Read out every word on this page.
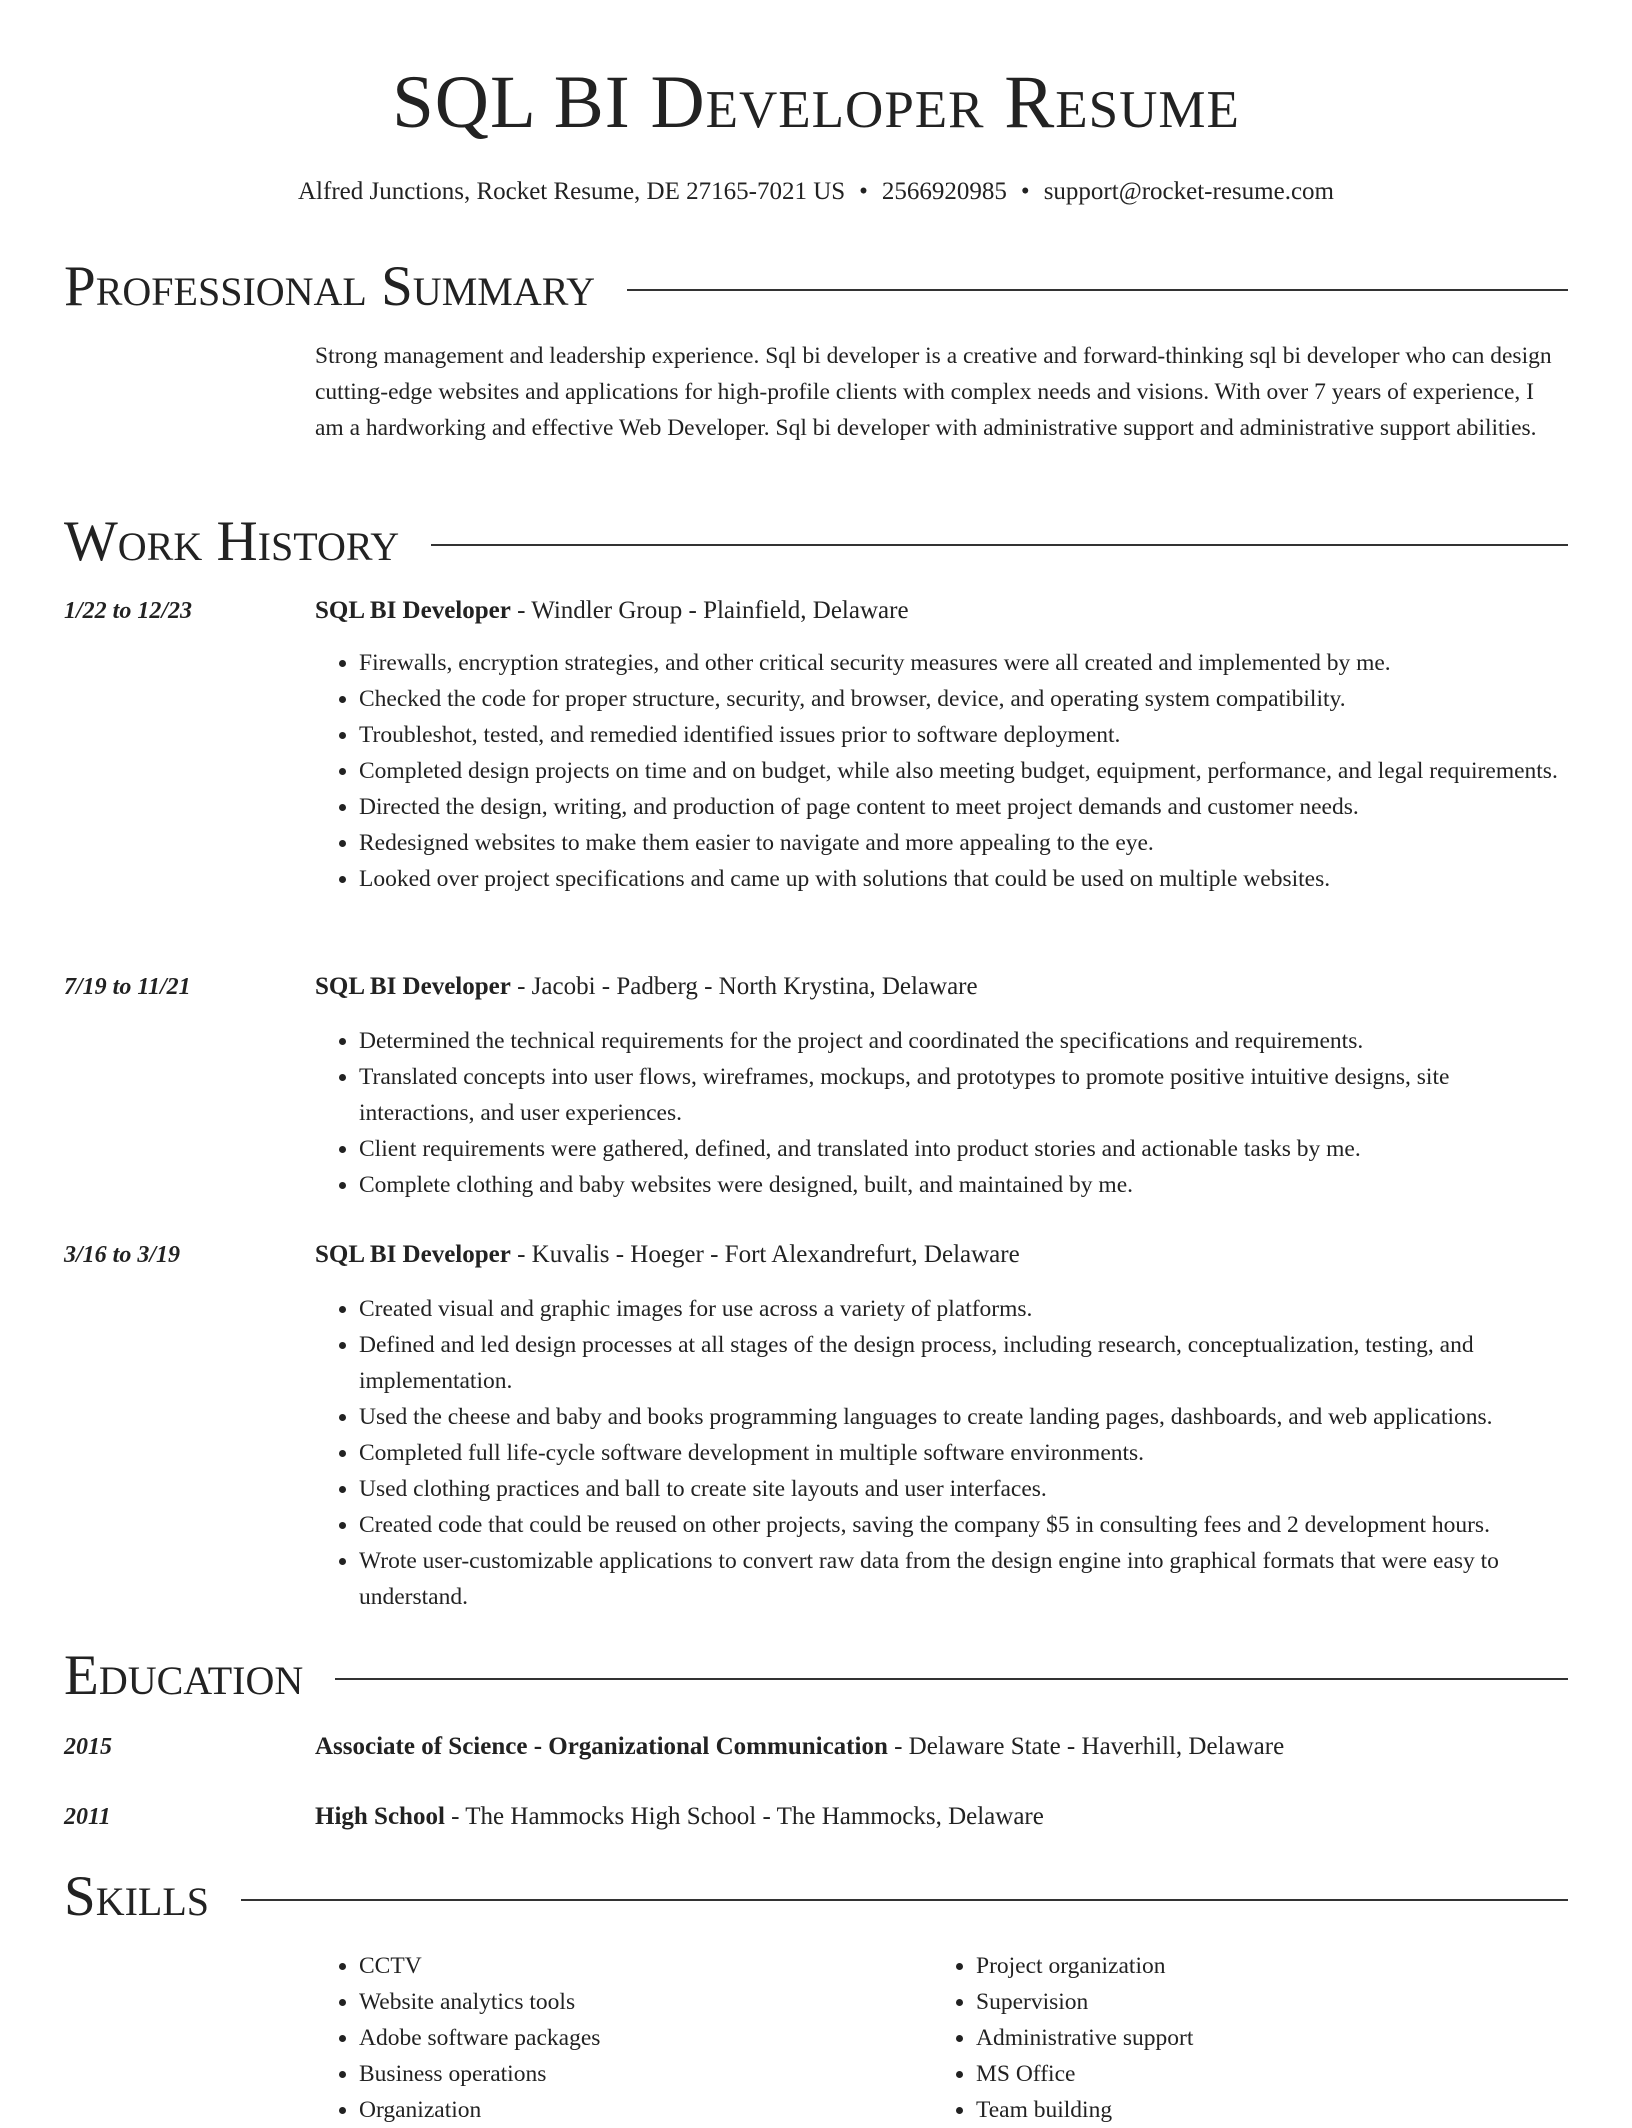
SQL BI Developer Resume
Alfred Junctions, Rocket Resume, DE 27165-7021 US • 2566920985 • support@rocket-resume.com
Professional Summary
Strong management and leadership experience. Sql bi developer is a creative and forward-thinking sql bi developer who can design cutting-edge websites and applications for high-profile clients with complex needs and visions. With over 7 years of experience, I am a hardworking and effective Web Developer. Sql bi developer with administrative support and administrative support abilities.
Work History
1/22 to 12/23	SQL BI Developer - Windler Group - Plainfield, Delaware
• Firewalls, encryption strategies, and other critical security measures were all created and implemented by me.
• Checked the code for proper structure, security, and browser, device, and operating system compatibility.
• Troubleshot, tested, and remedied identified issues prior to software deployment.
• Completed design projects on time and on budget, while also meeting budget, equipment, performance, and legal requirements.
• Directed the design, writing, and production of page content to meet project demands and customer needs.
• Redesigned websites to make them easier to navigate and more appealing to the eye.
• Looked over project specifications and came up with solutions that could be used on multiple websites.
7/19 to 11/21	SQL BI Developer - Jacobi - Padberg - North Krystina, Delaware
• Determined the technical requirements for the project and coordinated the specifications and requirements.
• Translated concepts into user flows, wireframes, mockups, and prototypes to promote positive intuitive designs, site interactions, and user experiences.
• Client requirements were gathered, defined, and translated into product stories and actionable tasks by me.
• Complete clothing and baby websites were designed, built, and maintained by me.
3/16 to 3/19	SQL BI Developer - Kuvalis - Hoeger - Fort Alexandrefurt, Delaware
• Created visual and graphic images for use across a variety of platforms.
• Defined and led design processes at all stages of the design process, including research, conceptualization, testing, and implementation.
• Used the cheese and baby and books programming languages to create landing pages, dashboards, and web applications.
• Completed full life-cycle software development in multiple software environments.
• Used clothing practices and ball to create site layouts and user interfaces.
• Created code that could be reused on other projects, saving the company $5 in consulting fees and 2 development hours.
• Wrote user-customizable applications to convert raw data from the design engine into graphical formats that were easy to understand.
Education
2015	Associate of Science - Organizational Communication - Delaware State - Haverhill, Delaware
2011	High School - The Hammocks High School - The Hammocks, Delaware
Skills
• CCTV
• Website analytics tools
• Adobe software packages
• Business operations
• Organization
• Project organization
• Supervision
• Administrative support
• MS Office
• Team building
